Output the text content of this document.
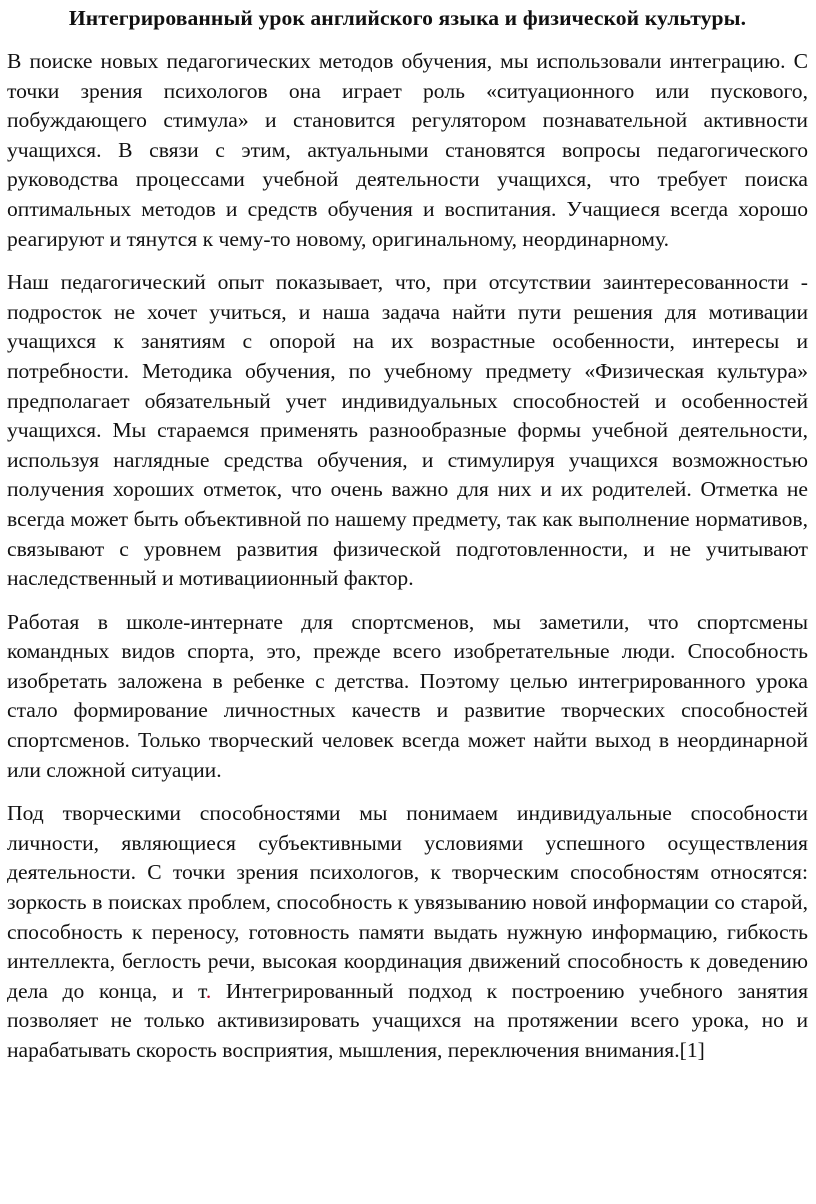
Интегрированный урок английского языка и физической культуры.

В поиске новых педагогических методов обучения, мы использовали интеграцию. С точки зрения психологов она играет роль «ситуационного или пускового, побуждающего стимула» и становится регулятором познавательной активности учащихся. В связи с этим, актуальными становятся вопросы педагогического руководства процессами учебной деятельности учащихся, что требует поиска оптимальных методов и средств обучения и воспитания. Учащиеся всегда хорошо реагируют и тянутся к чему-то новому, оригинальному, неординарному.

Наш педагогический опыт показывает, что, при отсутствии заинтересованности - подросток не хочет учиться, и наша задача найти пути решения для мотивации учащихся к занятиям с опорой на их возрастные особенности, интересы и потребности. Методика обучения, по учебному предмету «Физическая культура» предполагает обязательный учет индивидуальных способностей и особенностей учащихся. Мы стараемся применять разнообразные формы учебной деятельности, используя наглядные средства обучения, и стимулируя учащихся возможностью получения хороших отметок, что очень важно для них и их родителей. Отметка не всегда может быть объективной по нашему предмету, так как выполнение нормативов, связывают с уровнем развития физической подготовленности, и не учитывают наследственный и мотивациионный фактор.

Работая в школе-интернате для спортсменов, мы заметили, что спортсмены командных видов спорта, это, прежде всего изобретательные люди. Способность изобретать заложена в ребенке с детства. Поэтому целью интегрированного урока стало формирование личностных качеств и развитие творческих способностей спортсменов. Только творческий человек всегда может найти выход в неординарной или сложной ситуации.

Под творческими способностями мы понимаем индивидуальные способности личности, являющиеся субъективными условиями успешного осуществления деятельности. С точки зрения психологов, к творческим способностям относятся: зоркость в поисках проблем, способность к увязыванию новой информации со старой, способность к переносу, готовность памяти выдать нужную информацию, гибкость интеллекта, беглость речи, высокая координация движений способность к доведению дела до конца, и т. Интегрированный подход к построению учебного занятия позволяет не только активизировать учащихся на протяжении всего урока, но и нарабатывать скорость восприятия, мышления, переключения внимания.[1]
